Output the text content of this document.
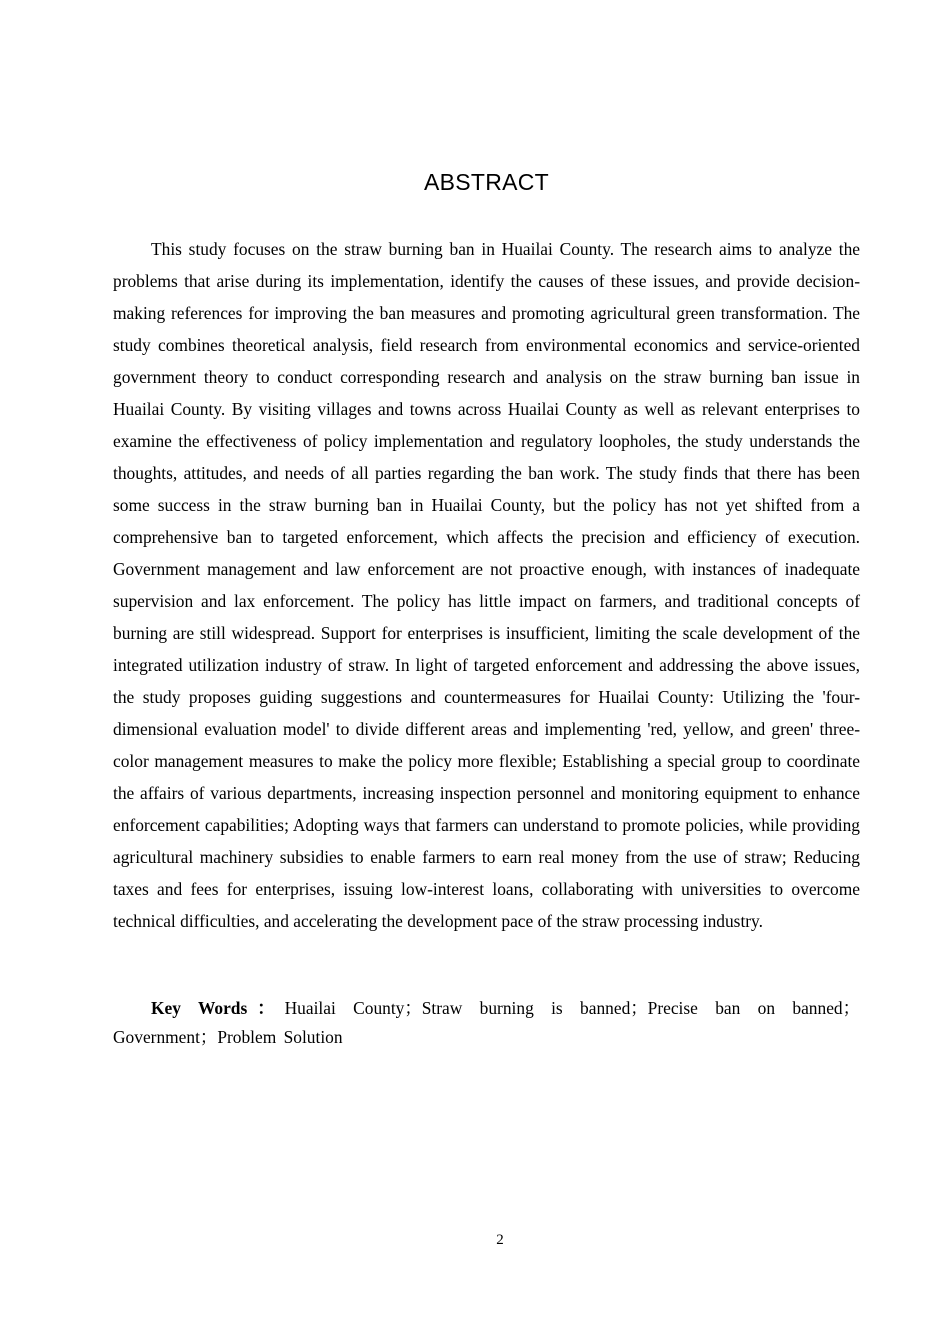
ABSTRACT

This study focuses on the straw burning ban in Huailai County. The research aims to analyze the problems that arise during its implementation, identify the causes of these issues, and provide decision-making references for improving the ban measures and promoting agricultural green transformation. The study combines theoretical analysis, field research from environmental economics and service-oriented government theory to conduct corresponding research and analysis on the straw burning ban issue in Huailai County. By visiting villages and towns across Huailai County as well as relevant enterprises to examine the effectiveness of policy implementation and regulatory loopholes, the study understands the thoughts, attitudes, and needs of all parties regarding the ban work. The study finds that there has been some success in the straw burning ban in Huailai County, but the policy has not yet shifted from a comprehensive ban to targeted enforcement, which affects the precision and efficiency of execution. Government management and law enforcement are not proactive enough, with instances of inadequate supervision and lax enforcement. The policy has little impact on farmers, and traditional concepts of burning are still widespread. Support for enterprises is insufficient, limiting the scale development of the integrated utilization industry of straw. In light of targeted enforcement and addressing the above issues, the study proposes guiding suggestions and countermeasures for Huailai County: Utilizing the 'four-dimensional evaluation model' to divide different areas and implementing 'red, yellow, and green' three-color management measures to make the policy more flexible; Establishing a special group to coordinate the affairs of various departments, increasing inspection personnel and monitoring equipment to enhance enforcement capabilities; Adopting ways that farmers can understand to promote policies, while providing agricultural machinery subsidies to enable farmers to earn real money from the use of straw; Reducing taxes and fees for enterprises, issuing low-interest loans, collaborating with universities to overcome technical difficulties, and accelerating the development pace of the straw processing industry.

Key Words：Huailai County；Straw burning is banned；Precise ban on banned；Government；Problem Solution

2
